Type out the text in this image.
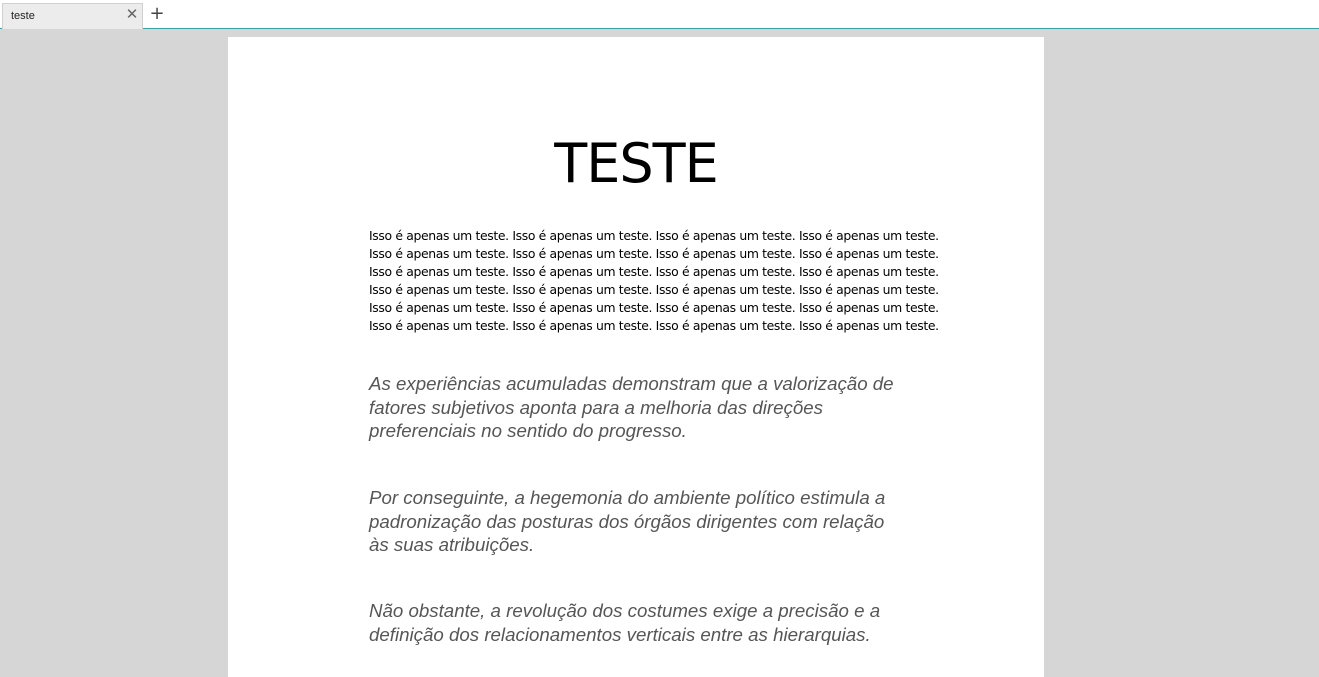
teste	✕ +
TESTE
Isso é apenas um teste. Isso é apenas um teste. Isso é apenas um teste. Isso é apenas um teste.
Isso é apenas um teste. Isso é apenas um teste. Isso é apenas um teste. Isso é apenas um teste.
Isso é apenas um teste. Isso é apenas um teste. Isso é apenas um teste. Isso é apenas um teste.
Isso é apenas um teste. Isso é apenas um teste. Isso é apenas um teste. Isso é apenas um teste.
Isso é apenas um teste. Isso é apenas um teste. Isso é apenas um teste. Isso é apenas um teste.
Isso é apenas um teste. Isso é apenas um teste. Isso é apenas um teste. Isso é apenas um teste.
As experiências acumuladas demonstram que a valorização de
fatores subjetivos aponta para a melhoria das direções
preferenciais no sentido do progresso.
Por conseguinte, a hegemonia do ambiente político estimula a
padronização das posturas dos órgãos dirigentes com relação
às suas atribuições.
Não obstante, a revolução dos costumes exige a precisão e a
definição dos relacionamentos verticais entre as hierarquias.
